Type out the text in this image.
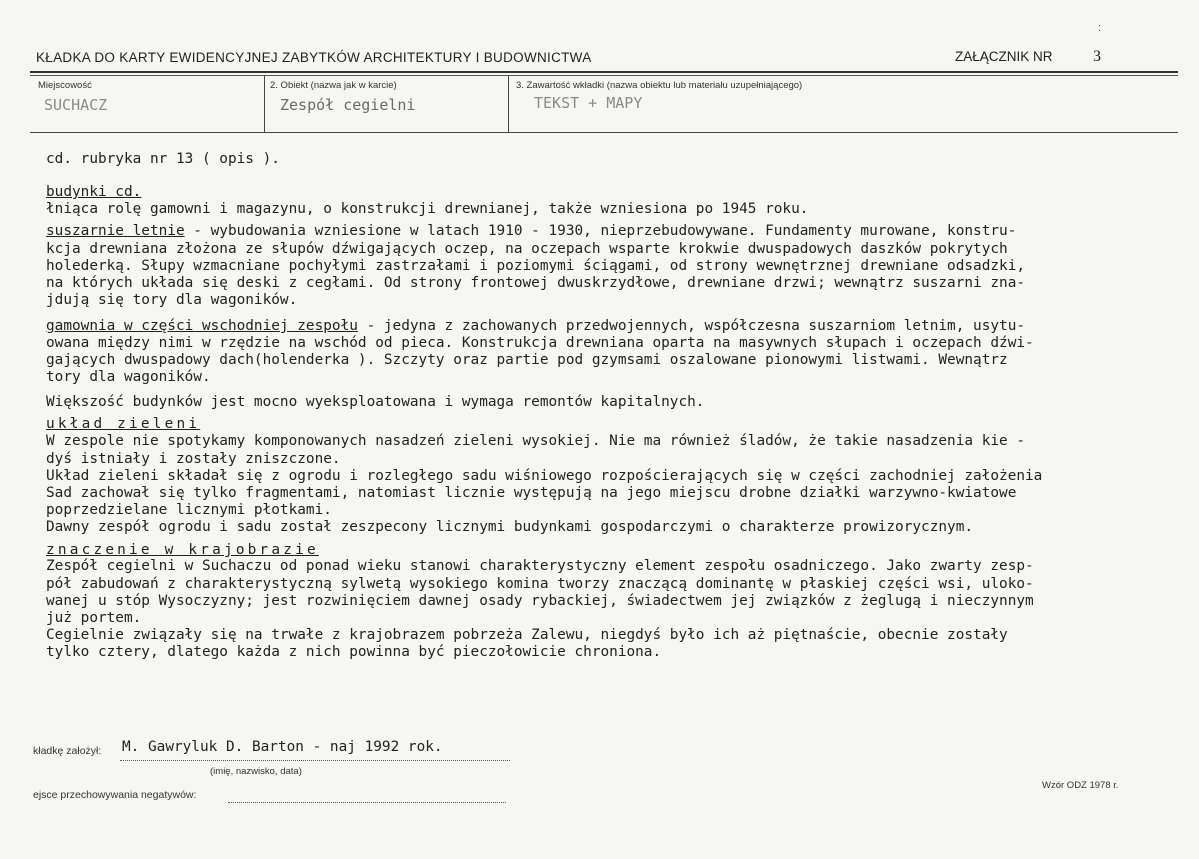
:
KŁADKA DO KARTY EWIDENCYJNEJ ZABYTKÓW ARCHITEKTURY I BUDOWNICTWA	ZAŁĄCZNIK NR	3
Miejscowość
SUCHACZ
2. Obiekt (nazwa jak w karcie)
Zespół cegielni
3. Zawartość wkładki (nazwa obiektu lub materiału uzupełniającego)
TEKST + MAPY
cd. rubryka nr 13 ( opis ).
budynki cd.
łniąca rolę gamowni i magazynu, o konstrukcji drewnianej, także wzniesiona po 1945 roku.
suszarnie letnie - wybudowania wzniesione w latach 1910 - 1930, nieprzebudowywane. Fundamenty murowane, konstru-
kcja drewniana złożona ze słupów dźwigających oczep, na oczepach wsparte krokwie dwuspadowych daszków pokrytych
holederką. Słupy wzmacniane pochyłymi zastrzałami i poziomymi ściągami, od strony wewnętrznej drewniane odsadzki,
na których układa się deski z cegłami. Od strony frontowej dwuskrzydłowe, drewniane drzwi; wewnątrz suszarni zna-
jdują się tory dla wagoników.
gamownia w części wschodniej zespołu - jedyna z zachowanych przedwojennych, współczesna suszarniom letnim, usytu-
owana między nimi w rzędzie na wschód od pieca. Konstrukcja drewniana oparta na masywnych słupach i oczepach dźwi-
gających dwuspadowy dach(holenderka ). Szczyty oraz partie pod gzymsami oszalowane pionowymi listwami. Wewnątrz
tory dla wagoników.
Większość budynków jest mocno wyeksploatowana i wymaga remontów kapitalnych.
układ zieleni
W zespole nie spotykamy komponowanych nasadzeń zieleni wysokiej. Nie ma również śladów, że takie nasadzenia kie -
dyś istniały i zostały zniszczone.
Układ zieleni składał się z ogrodu i rozległego sadu wiśniowego rozpościerających się w części zachodniej założenia
Sad zachował się tylko fragmentami, natomiast licznie występują na jego miejscu drobne działki warzywno-kwiatowe
poprzedzielane licznymi płotkami.
Dawny zespół ogrodu i sadu został zeszpecony licznymi budynkami gospodarczymi o charakterze prowizorycznym.
znaczenie w krajobrazie
Zespół cegielni w Suchaczu od ponad wieku stanowi charakterystyczny element zespołu osadniczego. Jako zwarty zesp-
pół zabudowań z charakterystyczną sylwetą wysokiego komina tworzy znaczącą dominantę w płaskiej części wsi, uloko-
wanej u stóp Wysoczyzny; jest rozwinięciem dawnej osady rybackiej, świadectwem jej związków z żeglugą i nieczynnym
już portem.
Cegielnie związały się na trwałe z krajobrazem pobrzeża Zalewu, niegdyś było ich aż piętnaście, obecnie zostały
tylko cztery, dlatego każda z nich powinna być pieczołowicie chroniona.
kładkę założył: M. Gawryluk D. Barton - naj 1992 rok.
(imię, nazwisko, data)
ejsce przechowywania negatywów:
Wzór ODZ 1978 r.
